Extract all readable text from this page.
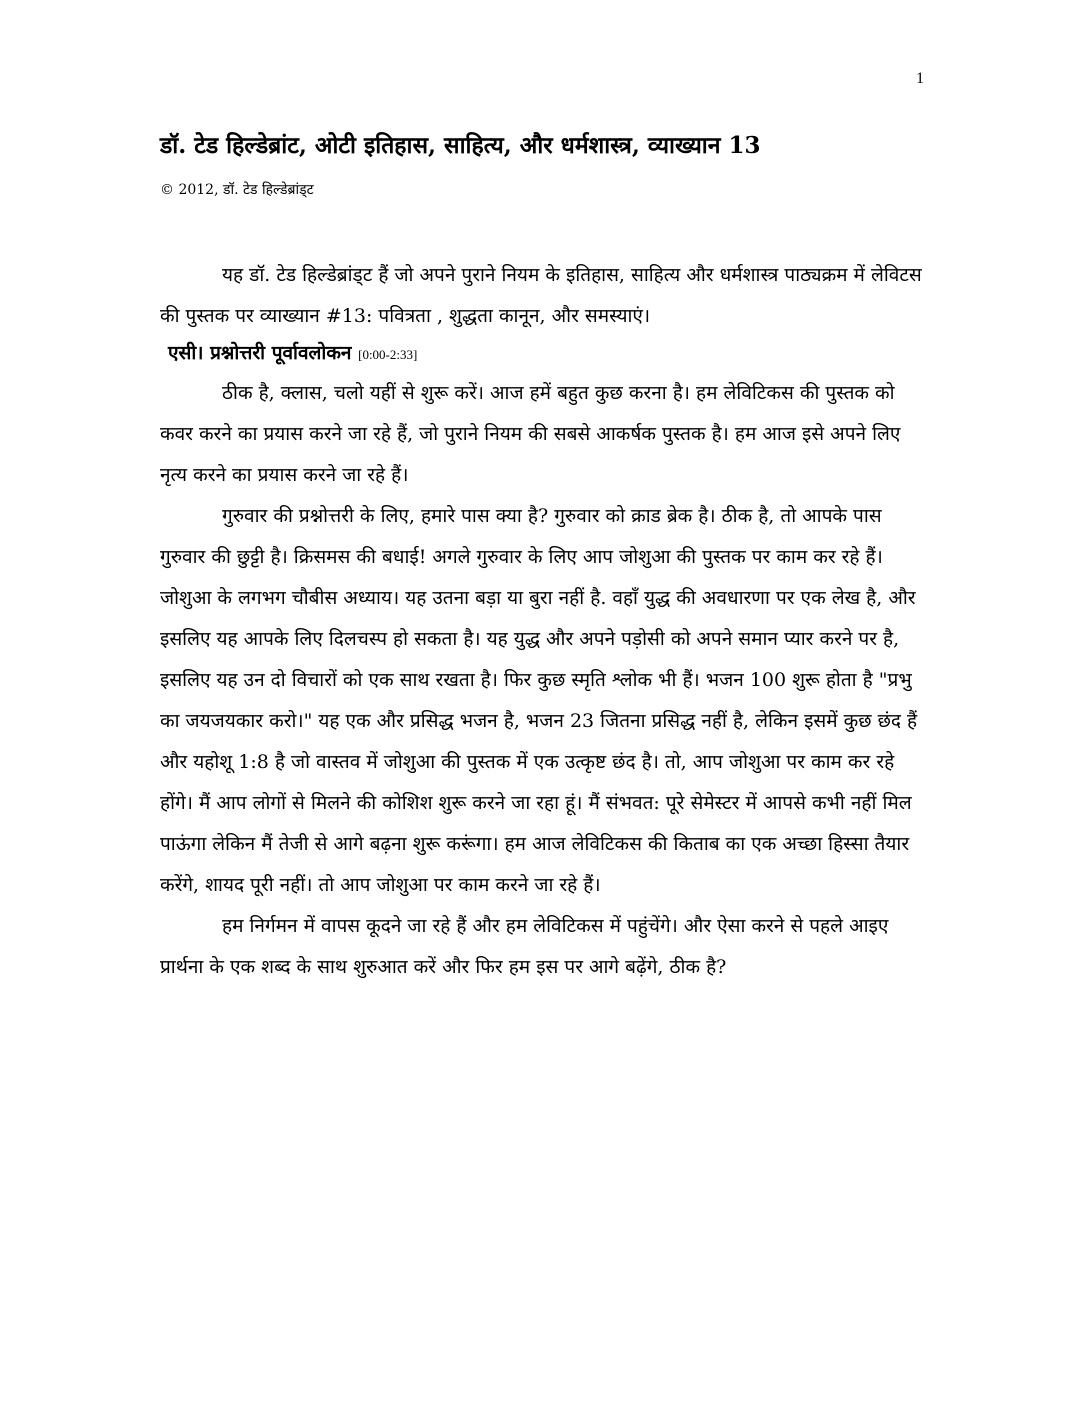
1
डॉ. टेड हिल्डेब्रांट, ओटी इतिहास, साहित्य, और धर्मशास्त्र, व्याख्यान 13
© 2012, डॉ. टेड हिल्डेब्रांड्ट

यह डॉ. टेड हिल्डेब्रांड्ट हैं जो अपने पुराने नियम के इतिहास, साहित्य और धर्मशास्त्र पाठ्यक्रम में लेविटस की पुस्तक पर व्याख्यान #13: पवित्रता , शुद्धता कानून, और समस्याएं।

एसी। प्रश्नोत्तरी पूर्वावलोकन [0:00-2:33]

ठीक है, क्लास, चलो यहीं से शुरू करें। आज हमें बहुत कुछ करना है। हम लेविटिकस की पुस्तक को कवर करने का प्रयास करने जा रहे हैं, जो पुराने नियम की सबसे आकर्षक पुस्तक है। हम आज इसे अपने लिए नृत्य करने का प्रयास करने जा रहे हैं।

गुरुवार की प्रश्नोत्तरी के लिए, हमारे पास क्या है? गुरुवार को क्राड ब्रेक है। ठीक है, तो आपके पास गुरुवार की छुट्टी है। क्रिसमस की बधाई! अगले गुरुवार के लिए आप जोशुआ की पुस्तक पर काम कर रहे हैं। जोशुआ के लगभग चौबीस अध्याय। यह उतना बड़ा या बुरा नहीं है. वहाँ युद्ध की अवधारणा पर एक लेख है, और इसलिए यह आपके लिए दिलचस्प हो सकता है। यह युद्ध और अपने पड़ोसी को अपने समान प्यार करने पर है, इसलिए यह उन दो विचारों को एक साथ रखता है। फिर कुछ स्मृति श्लोक भी हैं। भजन 100 शुरू होता है "प्रभु का जयजयकार करो।" यह एक और प्रसिद्ध भजन है, भजन 23 जितना प्रसिद्ध नहीं है, लेकिन इसमें कुछ छंद हैं और यहोशू 1:8 है जो वास्तव में जोशुआ की पुस्तक में एक उत्कृष्ट छंद है। तो, आप जोशुआ पर काम कर रहे होंगे। मैं आप लोगों से मिलने की कोशिश शुरू करने जा रहा हूं। मैं संभवत: पूरे सेमेस्टर में आपसे कभी नहीं मिल पाऊंगा लेकिन मैं तेजी से आगे बढ़ना शुरू करूंगा। हम आज लेविटिकस की किताब का एक अच्छा हिस्सा तैयार करेंगे, शायद पूरी नहीं। तो आप जोशुआ पर काम करने जा रहे हैं।

हम निर्गमन में वापस कूदने जा रहे हैं और हम लेविटिकस में पहुंचेंगे। और ऐसा करने से पहले आइए प्रार्थना के एक शब्द के साथ शुरुआत करें और फिर हम इस पर आगे बढ़ेंगे, ठीक है?
